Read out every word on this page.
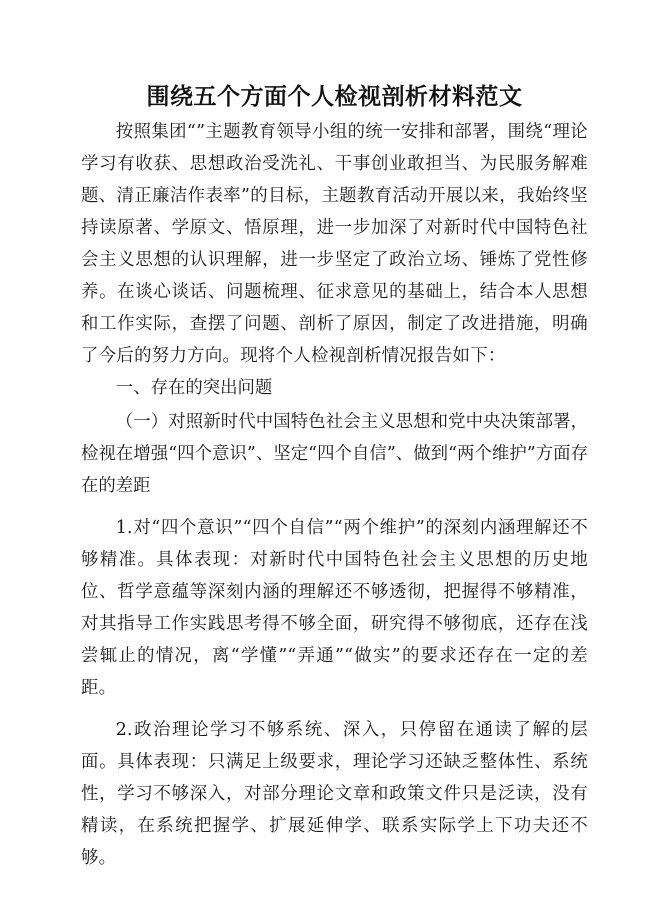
围绕五个方面个人检视剖析材料范文

按照集团“”主题教育领导小组的统一安排和部署，围绕“理论学习有收获、思想政治受洗礼、干事创业敢担当、为民服务解难题、清正廉洁作表率”的目标，主题教育活动开展以来，我始终坚持读原著、学原文、悟原理，进一步加深了对新时代中国特色社会主义思想的认识理解，进一步坚定了政治立场、锤炼了党性修养。在谈心谈话、问题梳理、征求意见的基础上，结合本人思想和工作实际，查摆了问题、剖析了原因，制定了改进措施，明确了今后的努力方向。现将个人检视剖析情况报告如下：

一、存在的突出问题

（一）对照新时代中国特色社会主义思想和党中央决策部署，检视在增强“四个意识”、坚定“四个自信”、做到“两个维护”方面存在的差距

1.对“四个意识”“四个自信”“两个维护”的深刻内涵理解还不够精准。具体表现：对新时代中国特色社会主义思想的历史地位、哲学意蕴等深刻内涵的理解还不够透彻，把握得不够精准，对其指导工作实践思考得不够全面，研究得不够彻底，还存在浅尝辄止的情况，离“学懂”“弄通”“做实”的要求还存在一定的差距。

2.政治理论学习不够系统、深入，只停留在通读了解的层面。具体表现：只满足上级要求，理论学习还缺乏整体性、系统性，学习不够深入，对部分理论文章和政策文件只是泛读，没有精读，在系统把握学、扩展延伸学、联系实际学上下功夫还不够。
